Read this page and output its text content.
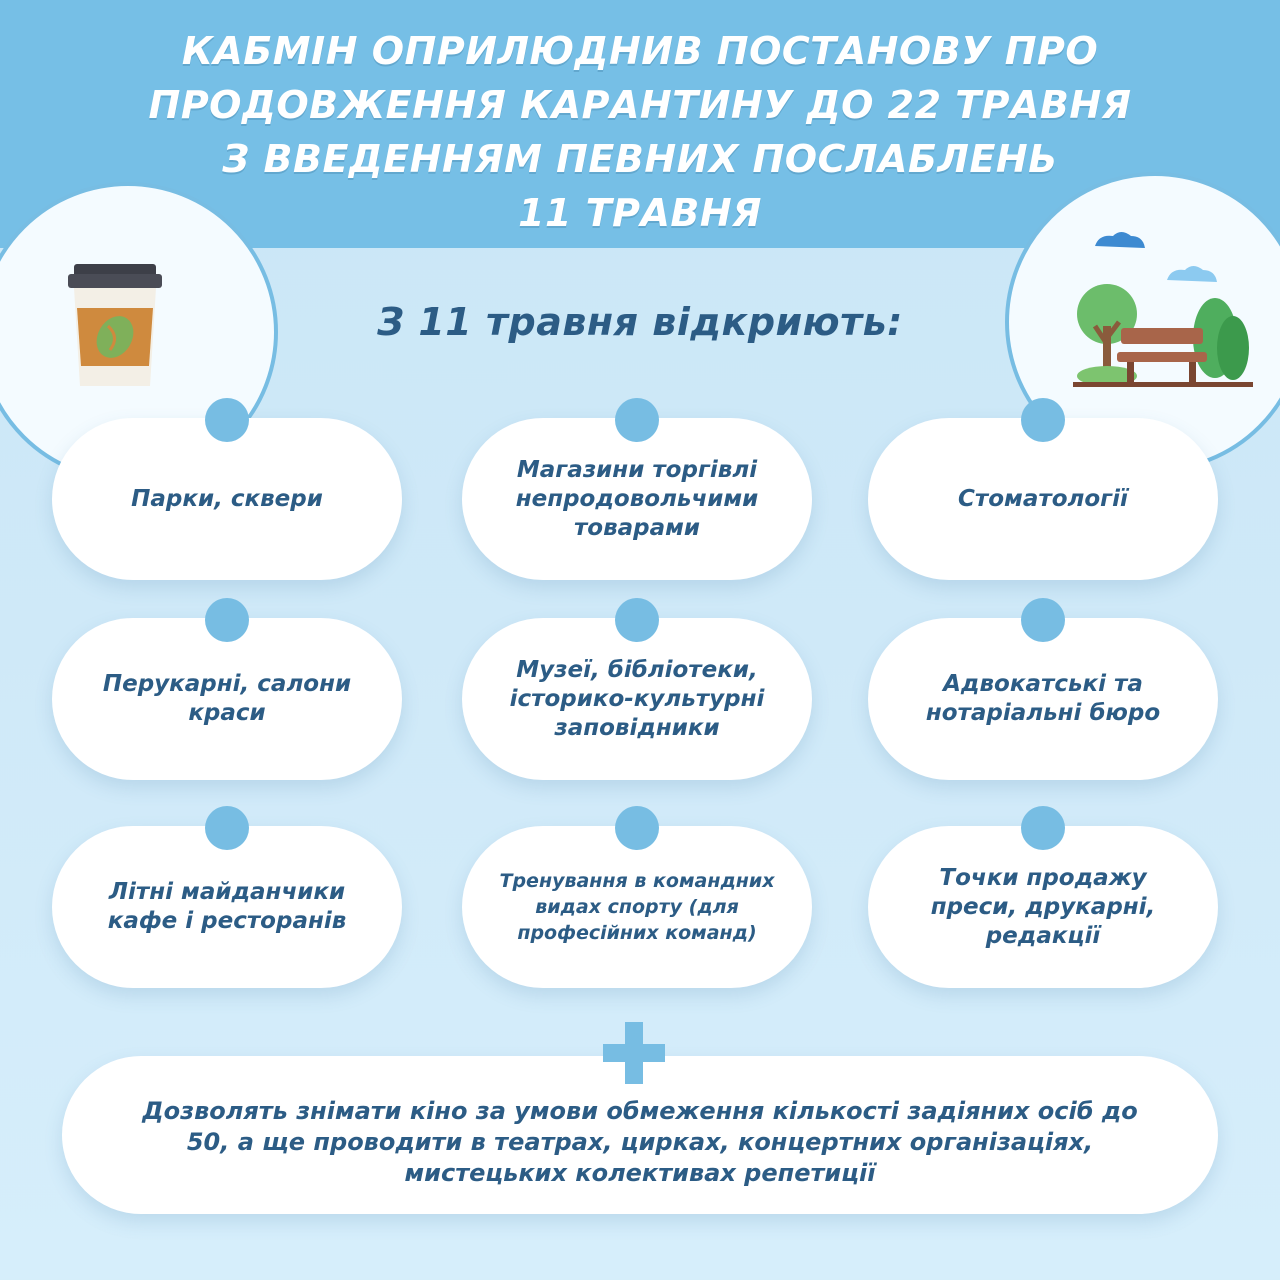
КАБМІН ОПРИЛЮДНИВ ПОСТАНОВУ ПРО
ПРОДОВЖЕННЯ КАРАНТИНУ ДО 22 ТРАВНЯ
З ВВЕДЕННЯМ ПЕВНИХ ПОСЛАБЛЕНЬ
11 ТРАВНЯ
З 11 травня відкриють:
Парки, сквери
Магазини торгівлі непродовольчими товарами
Стоматології
Перукарні, салони краси
Музеї, бібліотеки, історико-культурні заповідники
Адвокатські та нотаріальні бюро
Літні майданчики кафе і ресторанів
Тренування в командних видах спорту (для професійних команд)
Точки продажу преси, друкарні, редакції
Дозволять знімати кіно за умови обмеження кількості задіяних осіб до 50, а ще проводити в театрах, цирках, концертних організаціях, мистецьких колективах репетиції
